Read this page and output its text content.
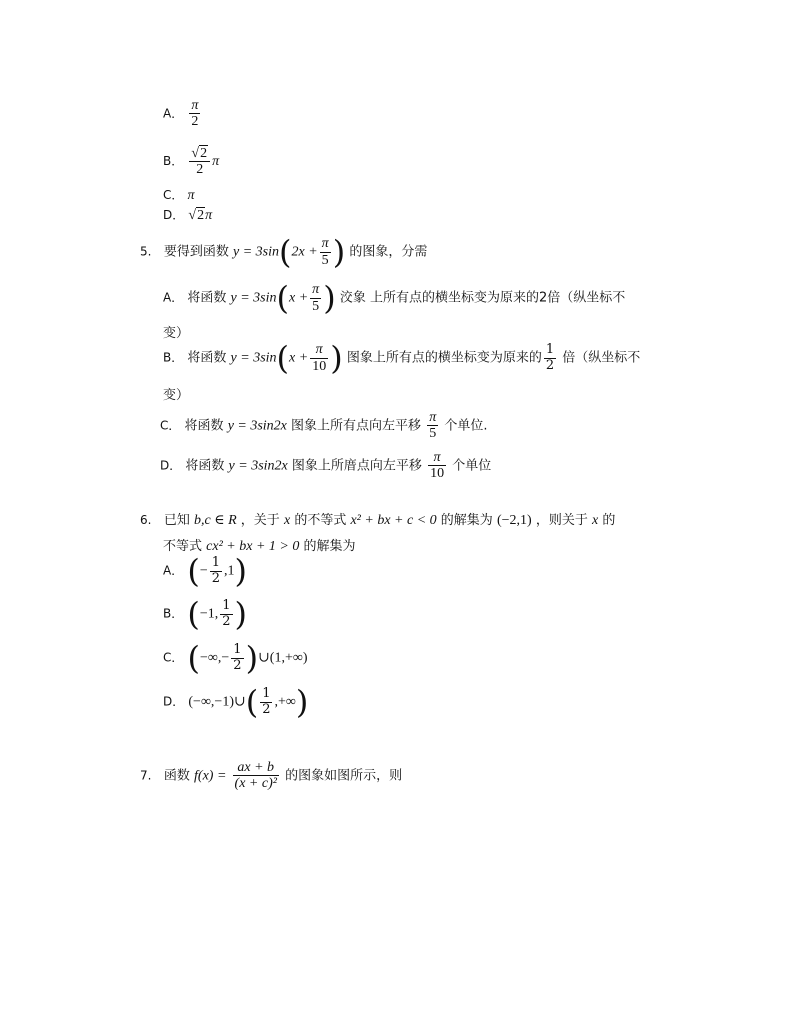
A． $\frac{\pi}{2}$
B． $\frac{√2}{2}$ π
C． π
D． √2π
5. 要得到函数 $y = 3\sin(2x + \frac{\pi}{5}$ ) 的图象，分需
A． 将函数 $y = 3\sin(x + \frac{\pi}{5}$ ) 洨象 上所有点的横坐标变为原来的2倍（纵坐标不
变）
B． 将函数 $y = 3\sin(x + \frac{\pi}{10}$ ) 图象上所有点的横坐标变为原来的 $\frac{1}{2}$ 倍（纵坐标不
变）
C． 将函数 y = 3sin2x 图象上所有点向左平移 $\frac{\pi}{5}$ 个单位.
D． 将函数 y = 3sin2x 图象上所庴点向左平移 $\frac{\pi}{10}$ 个单位
6. 已知 b,c ∈ R ，关于 x 的不等式 x² + bx + c < 0 的解集为 (−2,1) ，则关于 x 的
不等式 cx² + bx + 1 > 0 的解集为
A． (− $\frac{1}{2} ,1$)
B． (−1, $\frac{1}{2}$ )
C． (−∞,− $\frac{1}{2}$ )∪(1,+∞)
D． (−∞,−1)∪( $\frac{1}{2}$ ,+∞)
7. 函数 $f(x) = \frac{ax + b}{\text{(x + c)²}}$ 的图象如图所示，则
